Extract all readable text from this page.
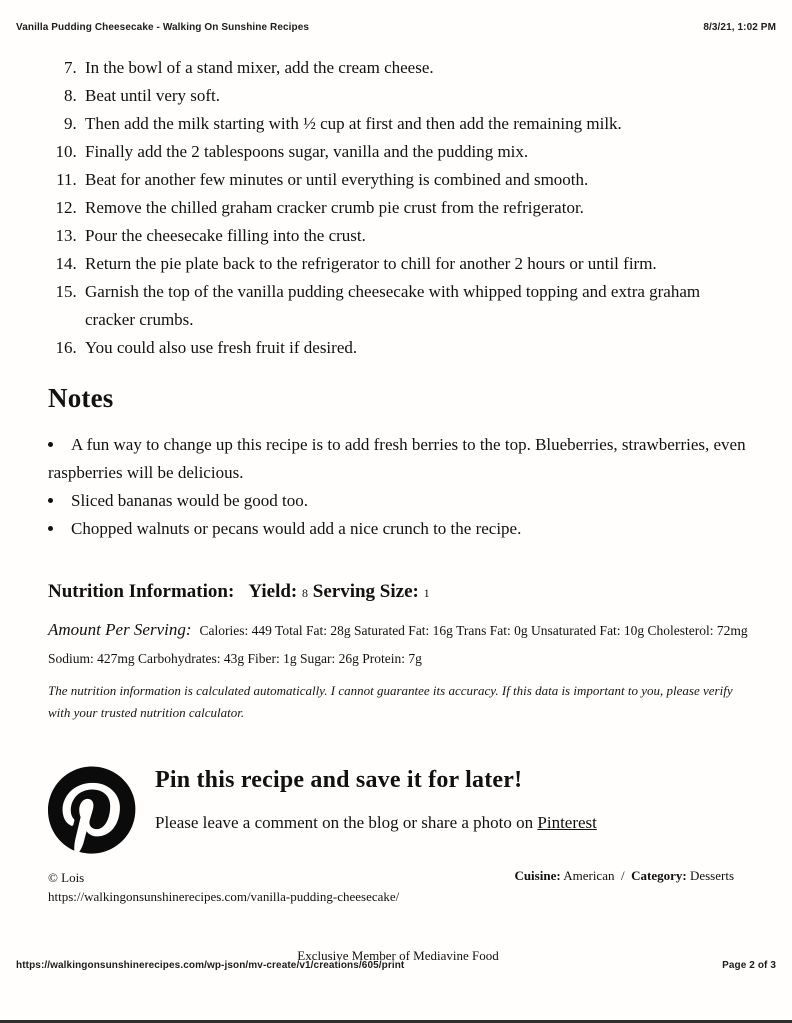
Vanilla Pudding Cheesecake - Walking On Sunshine Recipes	8/3/21, 1:02 PM
7. In the bowl of a stand mixer, add the cream cheese.
8. Beat until very soft.
9. Then add the milk starting with ½ cup at first and then add the remaining milk.
10. Finally add the 2 tablespoons sugar, vanilla and the pudding mix.
11. Beat for another few minutes or until everything is combined and smooth.
12. Remove the chilled graham cracker crumb pie crust from the refrigerator.
13. Pour the cheesecake filling into the crust.
14. Return the pie plate back to the refrigerator to chill for another 2 hours or until firm.
15. Garnish the top of the vanilla pudding cheesecake with whipped topping and extra graham cracker crumbs.
16. You could also use fresh fruit if desired.
Notes
• A fun way to change up this recipe is to add fresh berries to the top. Blueberries, strawberries, even raspberries will be delicious.
• Sliced bananas would be good too.
• Chopped walnuts or pecans would add a nice crunch to the recipe.
Nutrition Information: Yield: 8 Serving Size: 1

Amount Per Serving: Calories: 449 Total Fat: 28g Saturated Fat: 16g Trans Fat: 0g Unsaturated Fat: 10g Cholesterol: 72mg
Sodium: 427mg Carbohydrates: 43g Fiber: 1g Sugar: 26g Protein: 7g

The nutrition information is calculated automatically. I cannot guarantee its accuracy. If this data is important to you, please verify with your trusted nutrition calculator.

Pin this recipe and save it for later!
Please leave a comment on the blog or share a photo on Pinterest
© Lois
https://walkingonsunshinerecipes.com/vanilla-pudding-cheesecake/
Cuisine: American / Category: Desserts
Exclusive Member of Mediavine Food
https://walkingonsunshinerecipes.com/wp-json/mv-create/v1/creations/605/print	Page 2 of 3
